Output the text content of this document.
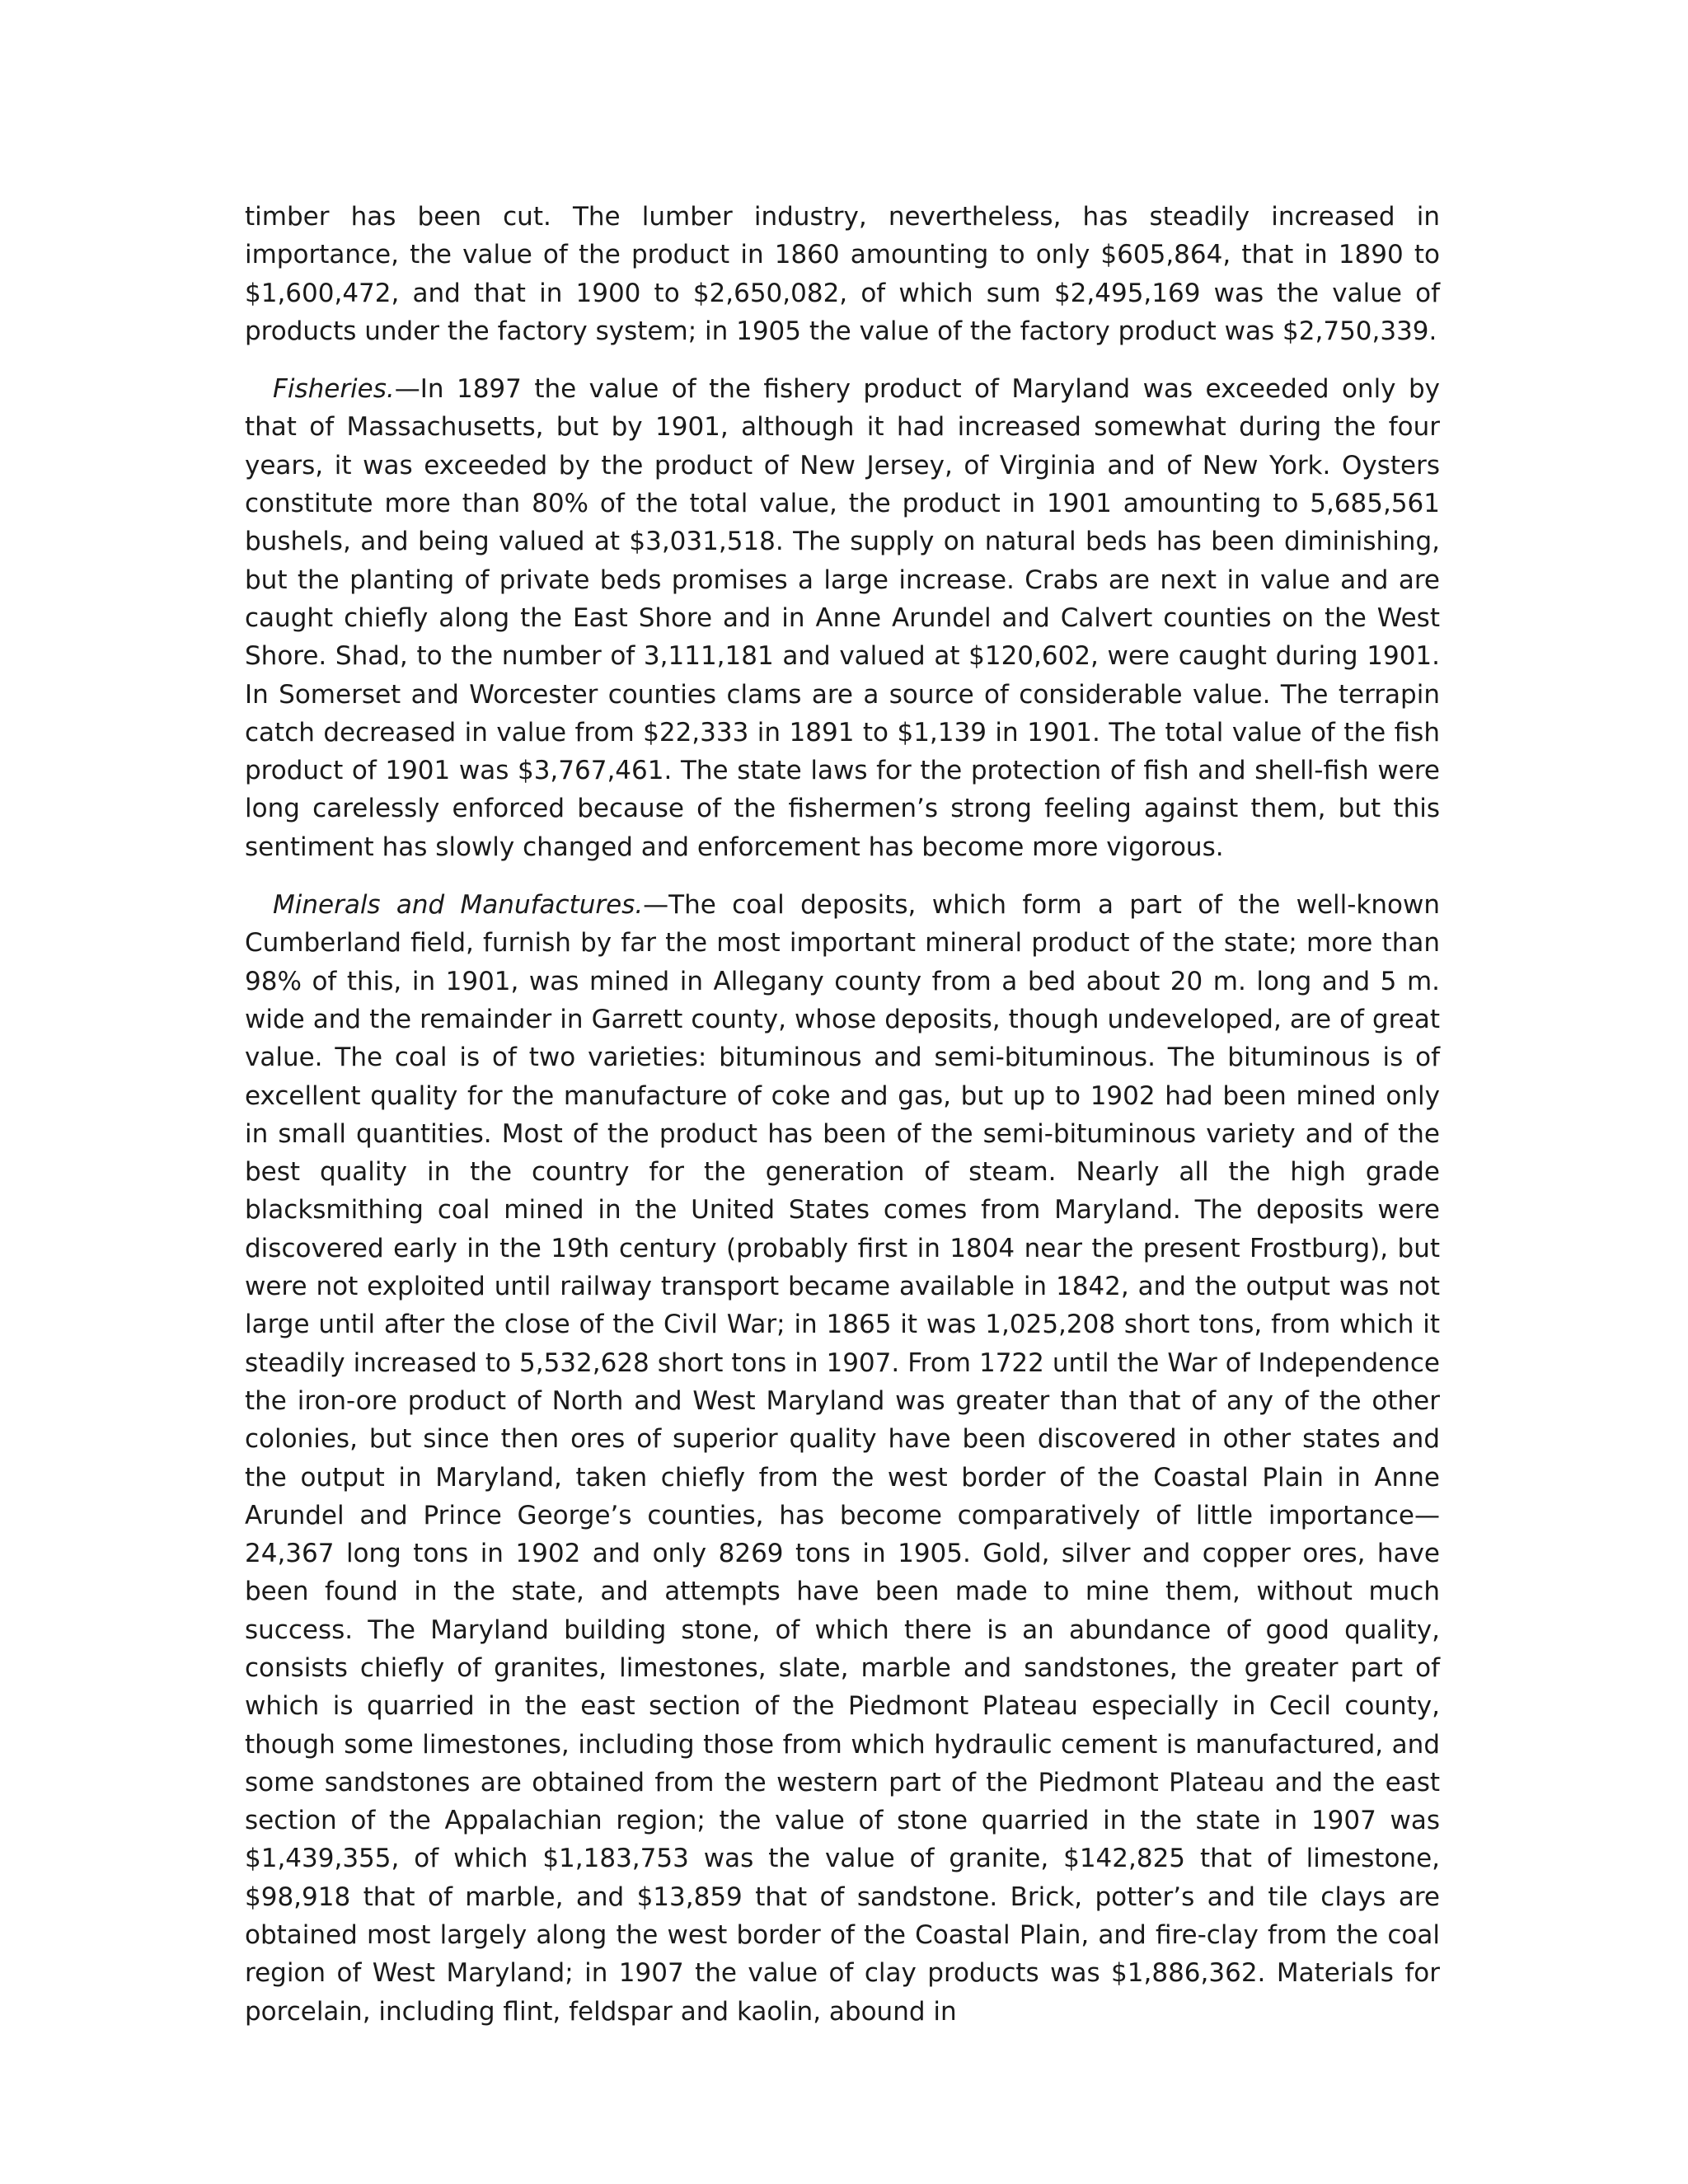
timber has been cut. The lumber industry, nevertheless, has steadily increased in importance, the value of the product in 1860 amounting to only $605,864, that in 1890 to $1,600,472, and that in 1900 to $2,650,082, of which sum $2,495,169 was the value of products under the factory system; in 1905 the value of the factory product was $2,750,339.

Fisheries.—In 1897 the value of the fishery product of Maryland was exceeded only by that of Massachusetts, but by 1901, although it had increased somewhat during the four years, it was exceeded by the product of New Jersey, of Virginia and of New York. Oysters constitute more than 80% of the total value, the product in 1901 amounting to 5,685,561 bushels, and being valued at $3,031,518. The supply on natural beds has been diminishing, but the planting of private beds promises a large increase. Crabs are next in value and are caught chiefly along the East Shore and in Anne Arundel and Calvert counties on the West Shore. Shad, to the number of 3,111,181 and valued at $120,602, were caught during 1901. In Somerset and Worcester counties clams are a source of considerable value. The terrapin catch decreased in value from $22,333 in 1891 to $1,139 in 1901. The total value of the fish product of 1901 was $3,767,461. The state laws for the protection of fish and shell-fish were long carelessly enforced because of the fishermen’s strong feeling against them, but this sentiment has slowly changed and enforcement has become more vigorous.

Minerals and Manufactures.—The coal deposits, which form a part of the well-known Cumberland field, furnish by far the most important mineral product of the state; more than 98% of this, in 1901, was mined in Allegany county from a bed about 20 m. long and 5 m. wide and the remainder in Garrett county, whose deposits, though undeveloped, are of great value. The coal is of two varieties: bituminous and semi-bituminous. The bituminous is of excellent quality for the manufacture of coke and gas, but up to 1902 had been mined only in small quantities. Most of the product has been of the semi-bituminous variety and of the best quality in the country for the generation of steam. Nearly all the high grade blacksmithing coal mined in the United States comes from Maryland. The deposits were discovered early in the 19th century (probably first in 1804 near the present Frostburg), but were not exploited until railway transport became available in 1842, and the output was not large until after the close of the Civil War; in 1865 it was 1,025,208 short tons, from which it steadily increased to 5,532,628 short tons in 1907. From 1722 until the War of Independence the iron-ore product of North and West Maryland was greater than that of any of the other colonies, but since then ores of superior quality have been discovered in other states and the output in Maryland, taken chiefly from the west border of the Coastal Plain in Anne Arundel and Prince George’s counties, has become comparatively of little importance—24,367 long tons in 1902 and only 8269 tons in 1905. Gold, silver and copper ores, have been found in the state, and attempts have been made to mine them, without much success. The Maryland building stone, of which there is an abundance of good quality, consists chiefly of granites, limestones, slate, marble and sandstones, the greater part of which is quarried in the east section of the Piedmont Plateau especially in Cecil county, though some limestones, including those from which hydraulic cement is manufactured, and some sandstones are obtained from the western part of the Piedmont Plateau and the east section of the Appalachian region; the value of stone quarried in the state in 1907 was $1,439,355, of which $1,183,753 was the value of granite, $142,825 that of limestone, $98,918 that of marble, and $13,859 that of sandstone. Brick, potter’s and tile clays are obtained most largely along the west border of the Coastal Plain, and fire-clay from the coal region of West Maryland; in 1907 the value of clay products was $1,886,362. Materials for porcelain, including flint, feldspar and kaolin, abound in
